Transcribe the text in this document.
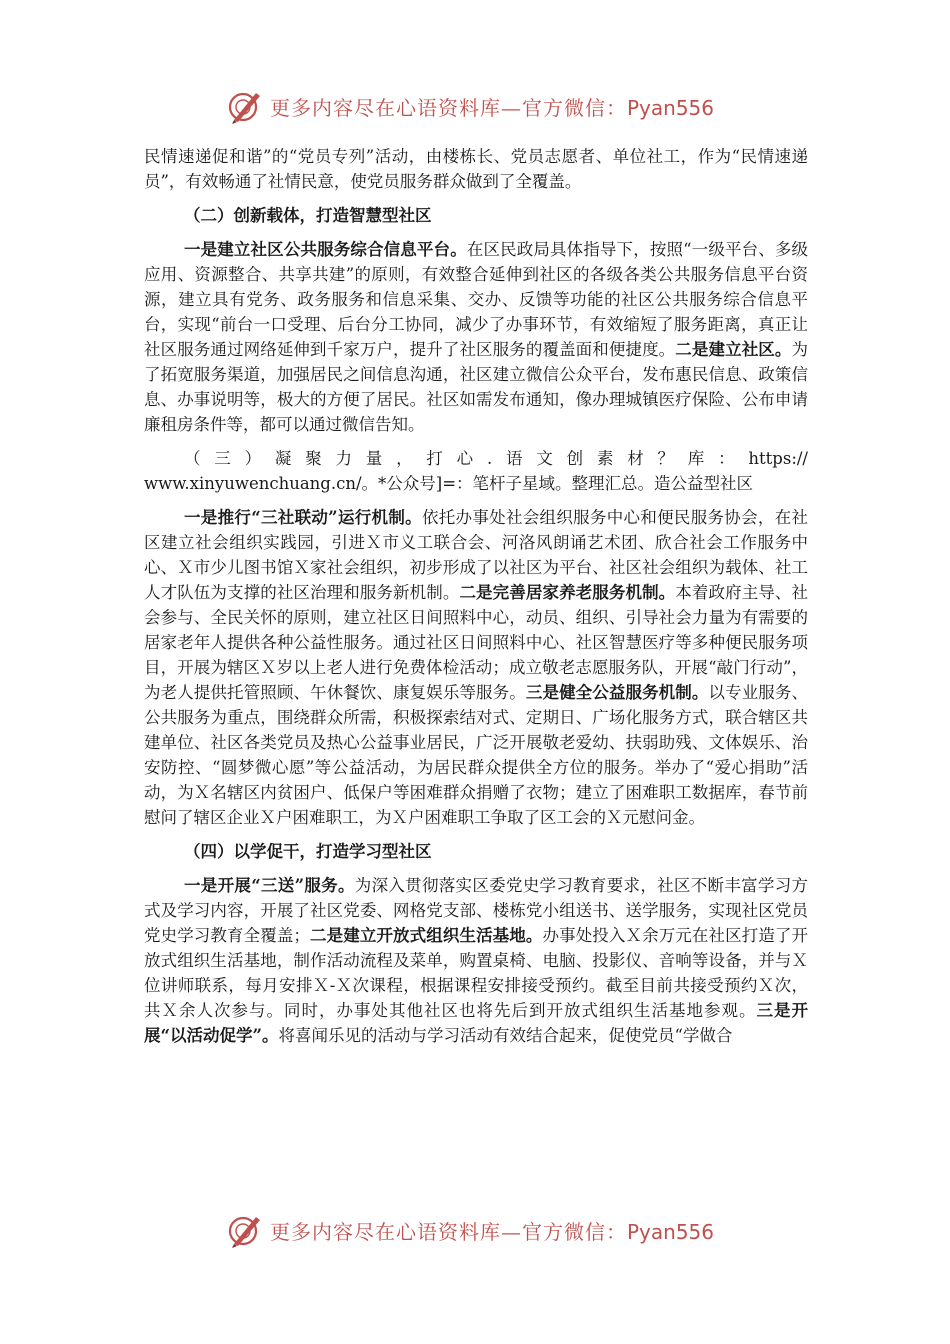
更多内容尽在心语资料库—官方微信：Pyan556

民情速递促和谐”的“党员专列”活动，由楼栋长、党员志愿者、单位社工，作为“民情速递员”，有效畅通了社情民意，使党员服务群众做到了全覆盖。

（二）创新载体，打造智慧型社区

一是建立社区公共服务综合信息平台。在区民政局具体指导下，按照“一级平台、多级应用、资源整合、共享共建”的原则，有效整合延伸到社区的各级各类公共服务信息平台资源，建立具有党务、政务服务和信息采集、交办、反馈等功能的社区公共服务综合信息平台，实现“前台一口受理、后台分工协同，减少了办事环节，有效缩短了服务距离，真正让社区服务通过网络延伸到千家万户，提升了社区服务的覆盖面和便捷度。二是建立社区。为了拓宽服务渠道，加强居民之间信息沟通，社区建立微信公众平台，发布惠民信息、政策信息、办事说明等，极大的方便了居民。社区如需发布通知，像办理城镇医疗保险、公布申请廉租房条件等，都可以通过微信告知。

（三）凝聚力量，打心.语文创素材？库：https://

www.xinyuwenchuang.cn/。*公众号]=：笔杆子星域。整理汇总。造公益型社区

一是推行“三社联动”运行机制。依托办事处社会组织服务中心和便民服务协会，在社区建立社会组织实践园，引进Ｘ市义工联合会、河洛风朗诵艺术团、欣合社会工作服务中心、Ｘ市少儿图书馆Ｘ家社会组织，初步形成了以社区为平台、社区社会组织为载体、社工人才队伍为支撑的社区治理和服务新机制。二是完善居家养老服务机制。本着政府主导、社会参与、全民关怀的原则，建立社区日间照料中心，动员、组织、引导社会力量为有需要的居家老年人提供各种公益性服务。通过社区日间照料中心、社区智慧医疗等多种便民服务项目，开展为辖区Ｘ岁以上老人进行免费体检活动；成立敬老志愿服务队，开展“敲门行动”，为老人提供托管照顾、午休餐饮、康复娱乐等服务。三是健全公益服务机制。以专业服务、公共服务为重点，围绕群众所需，积极探索结对式、定期日、广场化服务方式，联合辖区共建单位、社区各类党员及热心公益事业居民，广泛开展敬老爱幼、扶弱助残、文体娱乐、治安防控、“圆梦微心愿”等公益活动，为居民群众提供全方位的服务。举办了“爱心捐助”活动，为Ｘ名辖区内贫困户、低保户等困难群众捐赠了衣物；建立了困难职工数据库，春节前慰问了辖区企业Ｘ户困难职工，为Ｘ户困难职工争取了区工会的Ｘ元慰问金。

（四）以学促干，打造学习型社区

一是开展“三送”服务。为深入贯彻落实区委党史学习教育要求，社区不断丰富学习方式及学习内容，开展了社区党委、网格党支部、楼栋党小组送书、送学服务，实现社区党员党史学习教育全覆盖；二是建立开放式组织生活基地。办事处投入Ｘ余万元在社区打造了开放式组织生活基地，制作活动流程及菜单，购置桌椅、电脑、投影仪、音响等设备，并与Ｘ位讲师联系，每月安排Ｘ-Ｘ次课程，根据课程安排接受预约。截至目前共接受预约Ｘ次，共Ｘ余人次参与。同时，办事处其他社区也将先后到开放式组织生活基地参观。三是开展“以活动促学”。将喜闻乐见的活动与学习活动有效结合起来，促使党员“学做合

更多内容尽在心语资料库—官方微信：Pyan556
